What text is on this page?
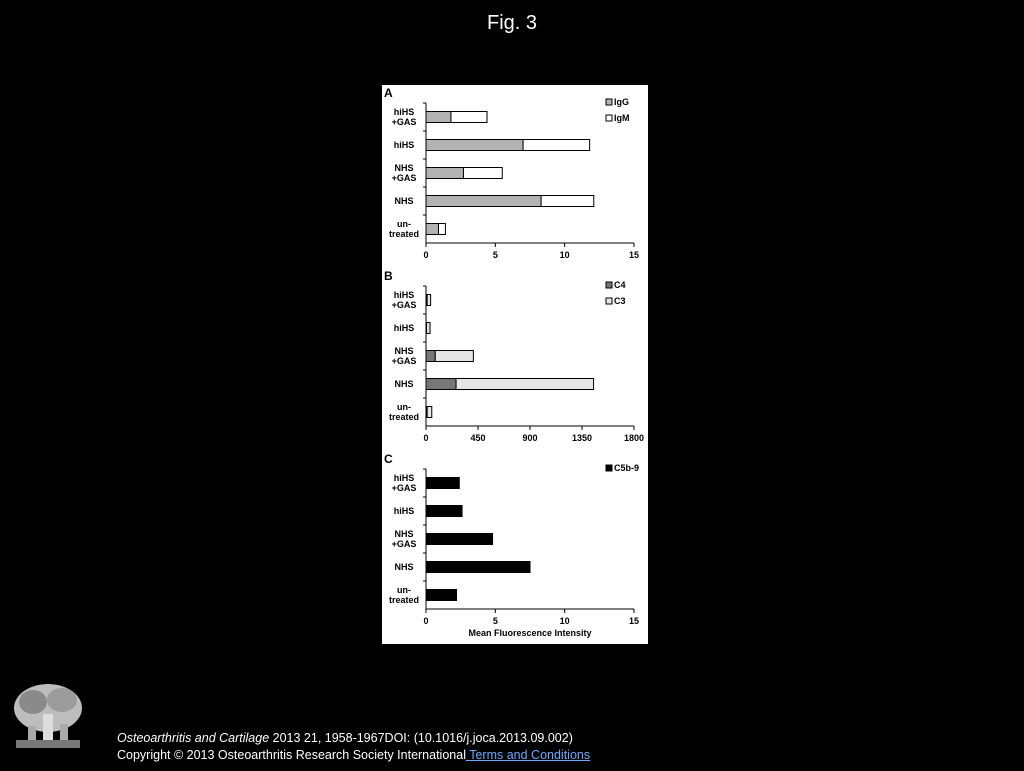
Fig. 3
A
0	5	10	15
hiHS +GAS
hiHS
NHS +GAS
NHS
un-treated
IgG
IgM
B
0	450	900	1350	1800
hiHS +GAS
hiHS
NHS +GAS
NHS
un-treated
C4
C3
C
0	5	10	15
Mean Fluorescence Intensity
hiHS +GAS
hiHS
NHS +GAS
NHS
un-treated
C5b-9
Osteoarthritis and Cartilage 2013 21, 1958-1967DOI: (10.1016/j.joca.2013.09.002)
Copyright © 2013 Osteoarthritis Research Society International Terms and Conditions
